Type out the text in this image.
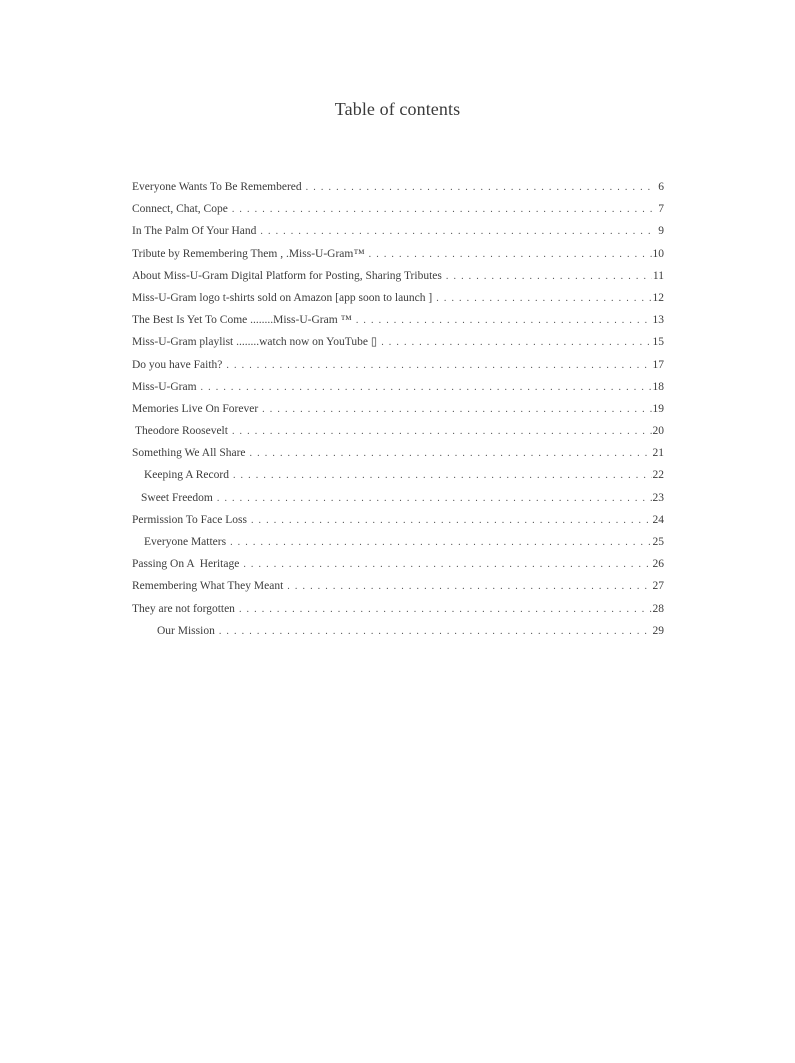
Table of contents
Everyone Wants To Be Remembered . . .	6
Connect, Chat, Cope . . .	7
In The Palm Of Your Hand . . .	9
Tribute by Remembering Them , .Miss-U-Gram™ . . .	10
About Miss-U-Gram Digital Platform for Posting, Sharing Tributes . . .	11
Miss-U-Gram logo t-shirts sold on Amazon [app soon to launch ] . . .	12
The Best Is Yet To Come ........Miss-U-Gram ™ . . .	13
Miss-U-Gram playlist ........watch now on YouTube ▯ . . .	15
Do you have Faith? . . .	17
Miss-U-Gram . . .	18
Memories Live On Forever . . .	19
Theodore Roosevelt . . .	20
Something We All Share . . .	21
Keeping A Record . . .	22
Sweet Freedom . . .	23
Permission To Face Loss . . .	24
Everyone Matters . . .	25
Passing On A  Heritage . . .	26
Remembering What They Meant . . .	27
They are not forgotten . . .	28
Our Mission . . .	29
